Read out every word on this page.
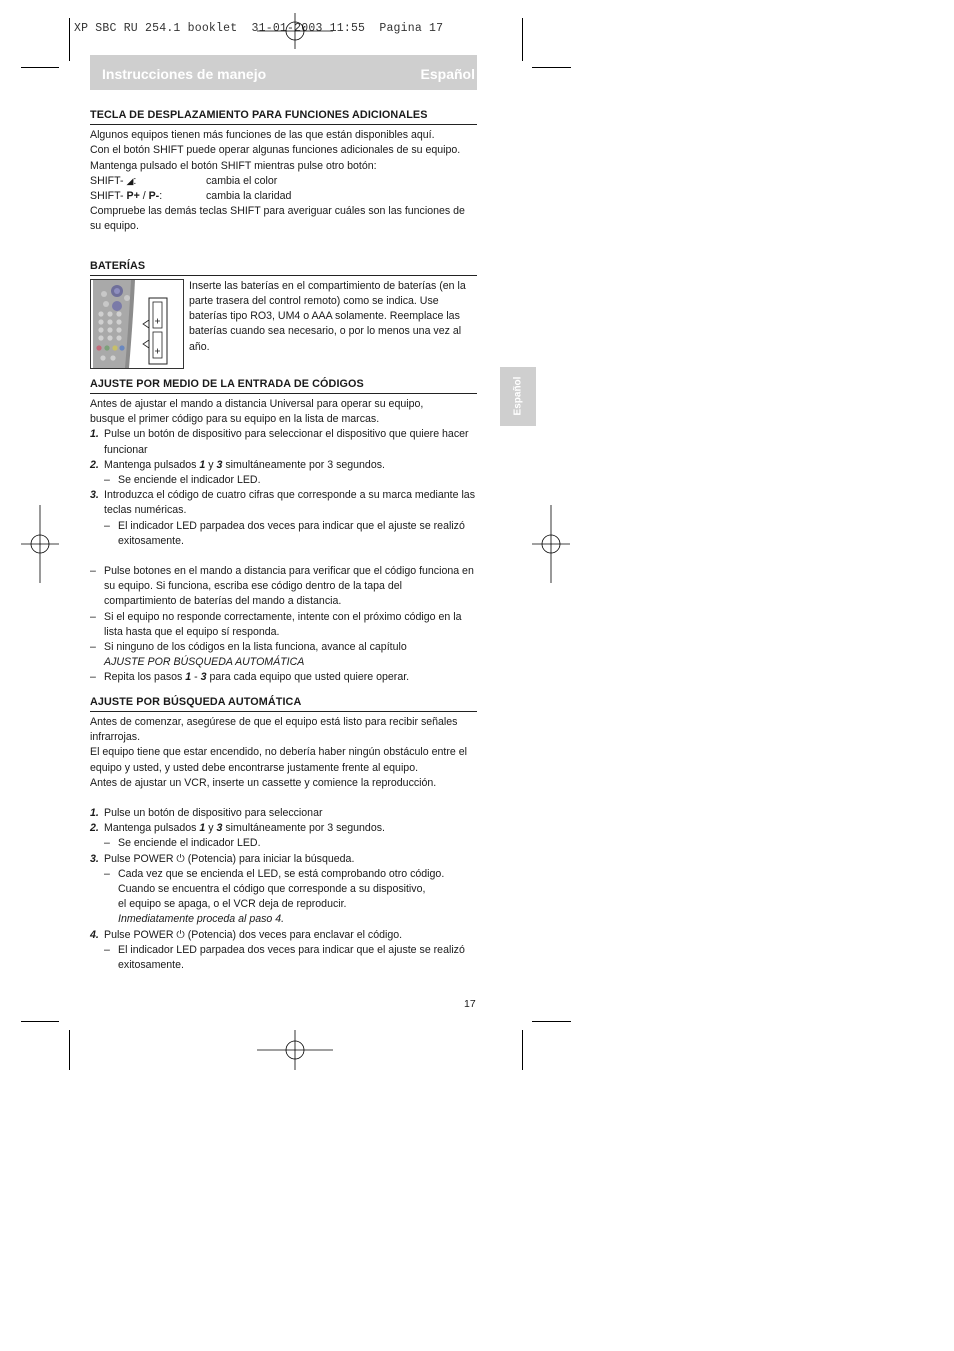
XP SBC RU 254.1 booklet  31-01-2003 11:55  Pagina 17
Instrucciones de manejo	Español
Español
TECLA DE DESPLAZAMIENTO PARA FUNCIONES ADICIONALES

Algunos equipos tienen más funciones de las que están disponibles aquí.

Con el botón SHIFT puede operar algunas funciones adicionales de su equipo.

Mantenga pulsado el botón SHIFT mientras pulse otro botón:

SHIFT- ◢:	cambia el color
SHIFT- P+ / P-:	cambia la claridad

Compruebe las demás teclas SHIFT para averiguar cuáles son las funciones de su equipo.

BATERÍAS
Inserte las baterías en el compartimiento de baterías (en la parte trasera del control remoto) como se indica. Use baterías tipo RO3, UM4 o AAA solamente. Reemplace las baterías cuando sea necesario, o por lo menos una vez al año.
AJUSTE POR MEDIO DE LA ENTRADA DE CÓDIGOS

Antes de ajustar el mando a distancia Universal para operar su equipo,

busque el primer código para su equipo en la lista de marcas.

1. Pulse un botón de dispositivo para seleccionar el dispositivo que quiere hacer funcionar
2. Mantenga pulsados 1 y 3 simultáneamente por 3 segundos.
– Se enciende el indicador LED.
3. Introduzca el código de cuatro cifras que corresponde a su marca mediante las teclas numéricas.
– El indicador LED parpadea dos veces para indicar que el ajuste se realizó exitosamente.
– Pulse botones en el mando a distancia para verificar que el código funciona en su equipo. Si funciona, escriba ese código dentro de la tapa del compartimiento de baterías del mando a distancia.
– Si el equipo no responde correctamente, intente con el próximo código en la lista hasta que el equipo sí responda.
– Si ninguno de los códigos en la lista funciona, avance al capítulo
AJUSTE POR BÚSQUEDA AUTOMÁTICA
– Repita los pasos 1 - 3 para cada equipo que usted quiere operar.
AJUSTE POR BÚSQUEDA AUTOMÁTICA

Antes de comenzar, asegúrese de que el equipo está listo para recibir señales infrarrojas.

El equipo tiene que estar encendido, no debería haber ningún obstáculo entre el equipo y usted, y usted debe encontrarse justamente frente al equipo.

Antes de ajustar un VCR, inserte un cassette y comience la reproducción.

1. Pulse un botón de dispositivo para seleccionar
2. Mantenga pulsados 1 y 3 simultáneamente por 3 segundos.
– Se enciende el indicador LED.
3. Pulse POWER ⏻ (Potencia) para iniciar la búsqueda.
– Cada vez que se encienda el LED, se está comprobando otro código.
Cuando se encuentra el código que corresponde a su dispositivo,
el equipo se apaga, o el VCR deja de reproducir.
Inmediatamente proceda al paso 4.
4. Pulse POWER ⏻ (Potencia) dos veces para enclavar el código.
– El indicador LED parpadea dos veces para indicar que el ajuste se realizó exitosamente.
17
